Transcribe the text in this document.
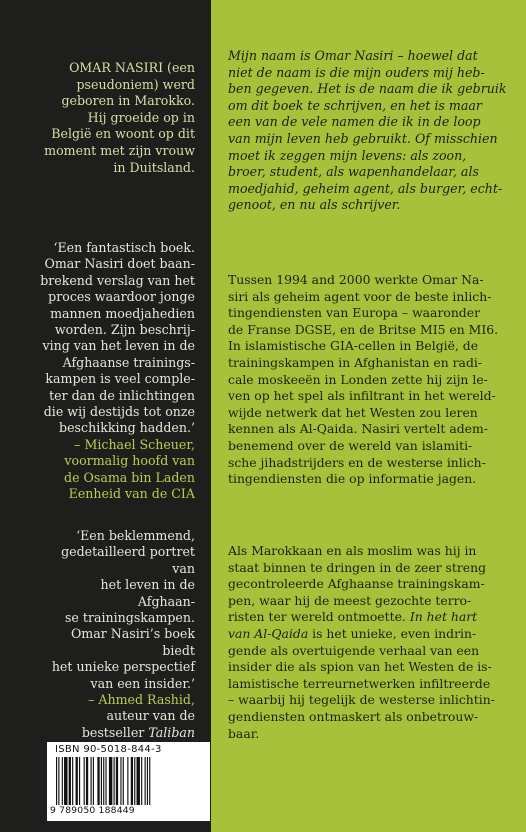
OMAR NASIRI (een
pseudoniem) werd
geboren in Marokko.
Hij groeide op in
België en woont op dit
moment met zijn vrouw
in Duitsland.
‘Een fantastisch boek.
Omar Nasiri doet baan-
brekend verslag van het
proces waardoor jonge
mannen moedjahedien
worden. Zijn beschrij-
ving van het leven in de
Afghaanse trainings-
kampen is veel comple-
ter dan de inlichtingen
die wij destijds tot onze
beschikking hadden.’
– Michael Scheuer,
voormalig hoofd van
de Osama bin Laden
Eenheid van de CIA
‘Een beklemmend,
gedetailleerd portret van
het leven in de Afghaan-
se trainingskampen.
Omar Nasiri’s boek biedt
het unieke perspectief
van een insider.’
– Ahmed Rashid,
auteur van de
bestseller Taliban
ISBN 90-5018-844-3
9 789050 188449
Mijn naam is Omar Nasiri – hoewel dat
niet de naam is die mijn ouders mij heb-
ben gegeven. Het is de naam die ik gebruik
om dit boek te schrijven, en het is maar
een van de vele namen die ik in de loop
van mijn leven heb gebruikt. Of misschien
moet ik zeggen mijn levens: als zoon,
broer, student, als wapenhandelaar, als
moedjahid, geheim agent, als burger, echt-
genoot, en nu als schrijver.
Tussen 1994 and 2000 werkte Omar Na-
siri als geheim agent voor de beste inlich-
tingendiensten van Europa – waaronder
de Franse DGSE, en de Britse MI5 en MI6.
In islamistische GIA-cellen in België, de
trainingskampen in Afghanistan en radi-
cale moskeeën in Londen zette hij zijn le-
ven op het spel als infiltrant in het wereld-
wijde netwerk dat het Westen zou leren
kennen als Al-Qaida. Nasiri vertelt adem-
benemend over de wereld van islamiti-
sche jihadstrijders en de westerse inlich-
tingendiensten die op informatie jagen.
Als Marokkaan en als moslim was hij in
staat binnen te dringen in de zeer streng
gecontroleerde Afghaanse trainingskam-
pen, waar hij de meest gezochte terro-
risten ter wereld ontmoette. In het hart
van Al-Qaida is het unieke, even indrin-
gende als overtuigende verhaal van een
insider die als spion van het Westen de is-
lamistische terreurnetwerken infiltreerde
– waarbij hij tegelijk de westerse inlichtin-
gendiensten ontmaskert als onbetrouw-
baar.
